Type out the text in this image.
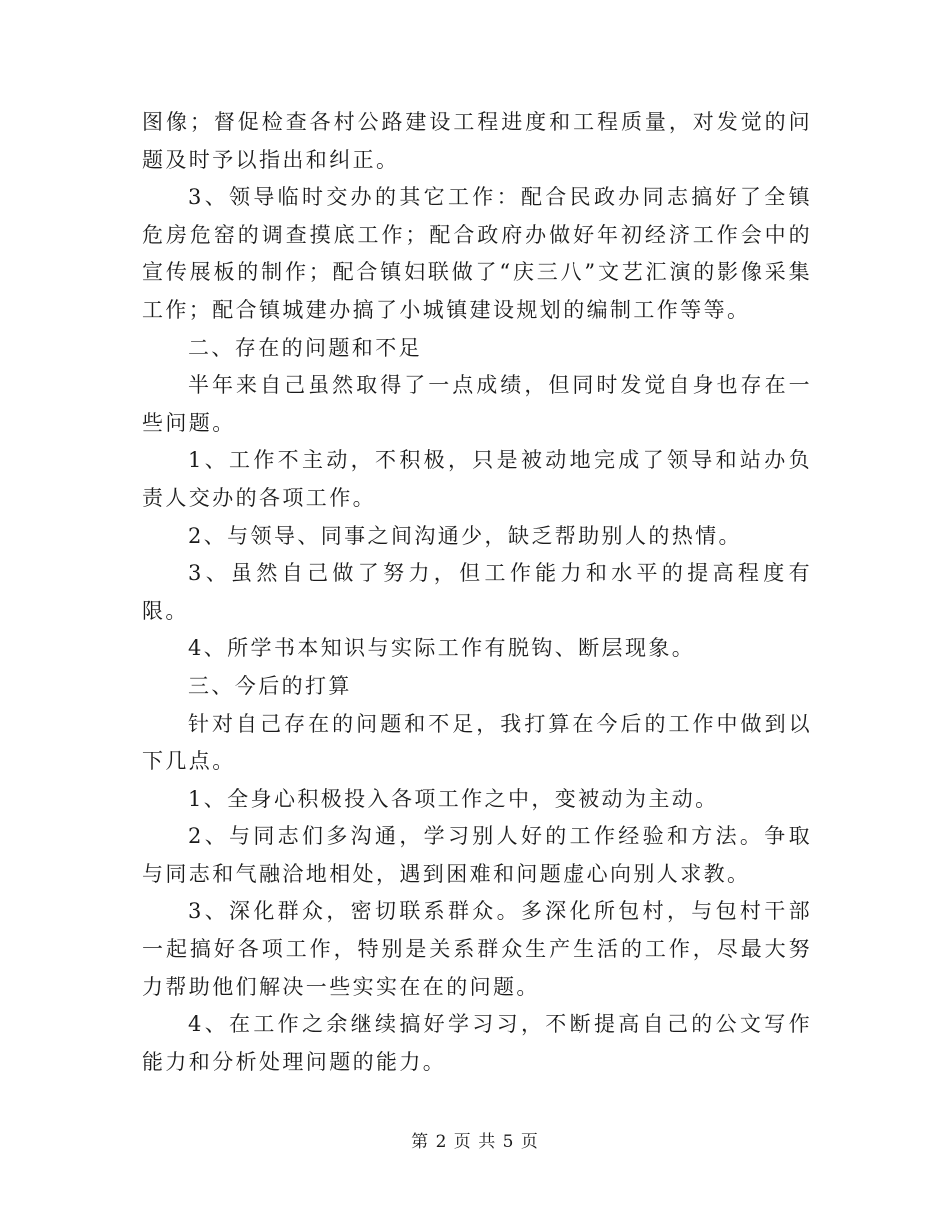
图像；督促检查各村公路建设工程进度和工程质量，对发觉的问题及时予以指出和纠正。

3、领导临时交办的其它工作：配合民政办同志搞好了全镇危房危窑的调查摸底工作；配合政府办做好年初经济工作会中的宣传展板的制作；配合镇妇联做了“庆三八”文艺汇演的影像采集工作；配合镇城建办搞了小城镇建设规划的编制工作等等。

二、存在的问题和不足

半年来自己虽然取得了一点成绩，但同时发觉自身也存在一些问题。

1、工作不主动，不积极，只是被动地完成了领导和站办负责人交办的各项工作。

2、与领导、同事之间沟通少，缺乏帮助别人的热情。

3、虽然自己做了努力，但工作能力和水平的提高程度有限。

4、所学书本知识与实际工作有脱钩、断层现象。

三、今后的打算

针对自己存在的问题和不足，我打算在今后的工作中做到以下几点。

1、全身心积极投入各项工作之中，变被动为主动。

2、与同志们多沟通，学习别人好的工作经验和方法。争取与同志和气融洽地相处，遇到困难和问题虚心向别人求教。

3、深化群众，密切联系群众。多深化所包村，与包村干部一起搞好各项工作，特别是关系群众生产生活的工作，尽最大努力帮助他们解决一些实实在在的问题。

4、在工作之余继续搞好学习习，不断提高自己的公文写作能力和分析处理问题的能力。

第 2 页 共 5 页
